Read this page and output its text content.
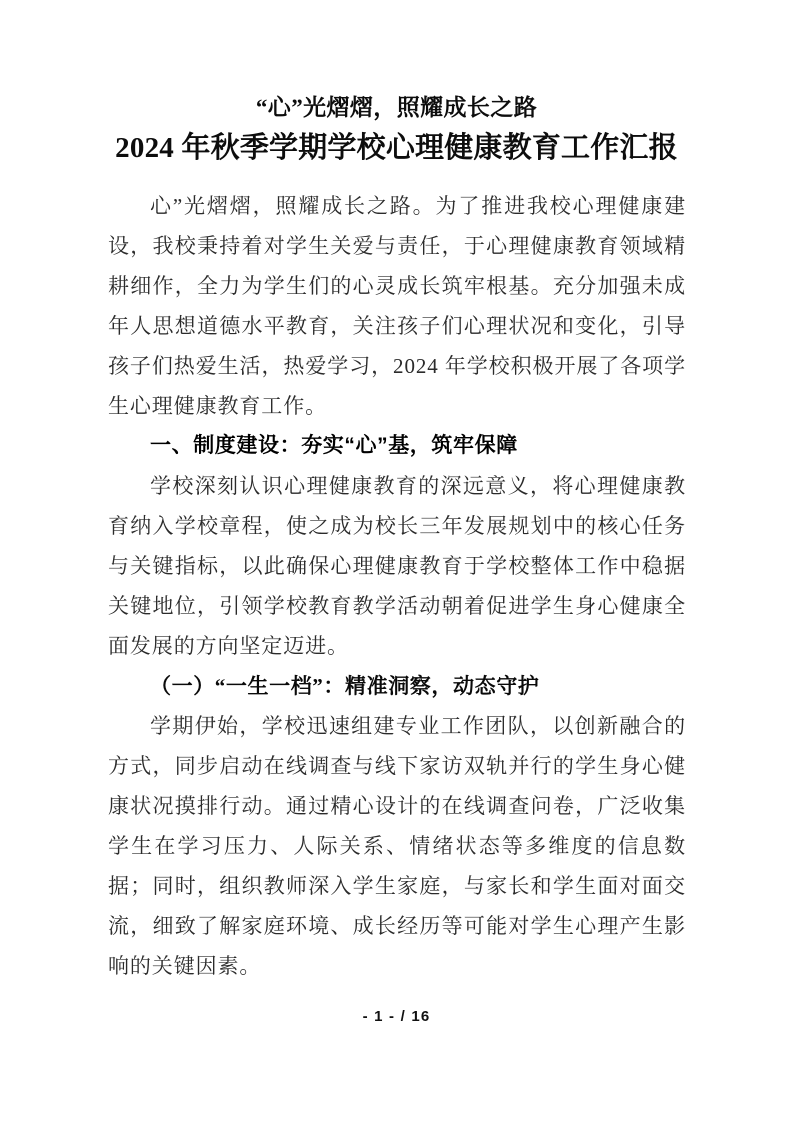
“心”光熠熠，照耀成长之路
2024 年秋季学期学校心理健康教育工作汇报

心”光熠熠，照耀成长之路。为了推进我校心理健康建设，我校秉持着对学生关爱与责任，于心理健康教育领域精耕细作，全力为学生们的心灵成长筑牢根基。充分加强未成年人思想道德水平教育，关注孩子们心理状况和变化，引导孩子们热爱生活，热爱学习，2024 年学校积极开展了各项学生心理健康教育工作。

一、制度建设：夯实“心”基，筑牢保障

学校深刻认识心理健康教育的深远意义，将心理健康教育纳入学校章程，使之成为校长三年发展规划中的核心任务与关键指标，以此确保心理健康教育于学校整体工作中稳据关键地位，引领学校教育教学活动朝着促进学生身心健康全面发展的方向坚定迈进。

（一）“一生一档”：精准洞察，动态守护

学期伊始，学校迅速组建专业工作团队，以创新融合的方式，同步启动在线调查与线下家访双轨并行的学生身心健康状况摸排行动。通过精心设计的在线调查问卷，广泛收集学生在学习压力、人际关系、情绪状态等多维度的信息数据；同时，组织教师深入学生家庭，与家长和学生面对面交流，细致了解家庭环境、成长经历等可能对学生心理产生影响的关键因素。

- 1 - / 16
